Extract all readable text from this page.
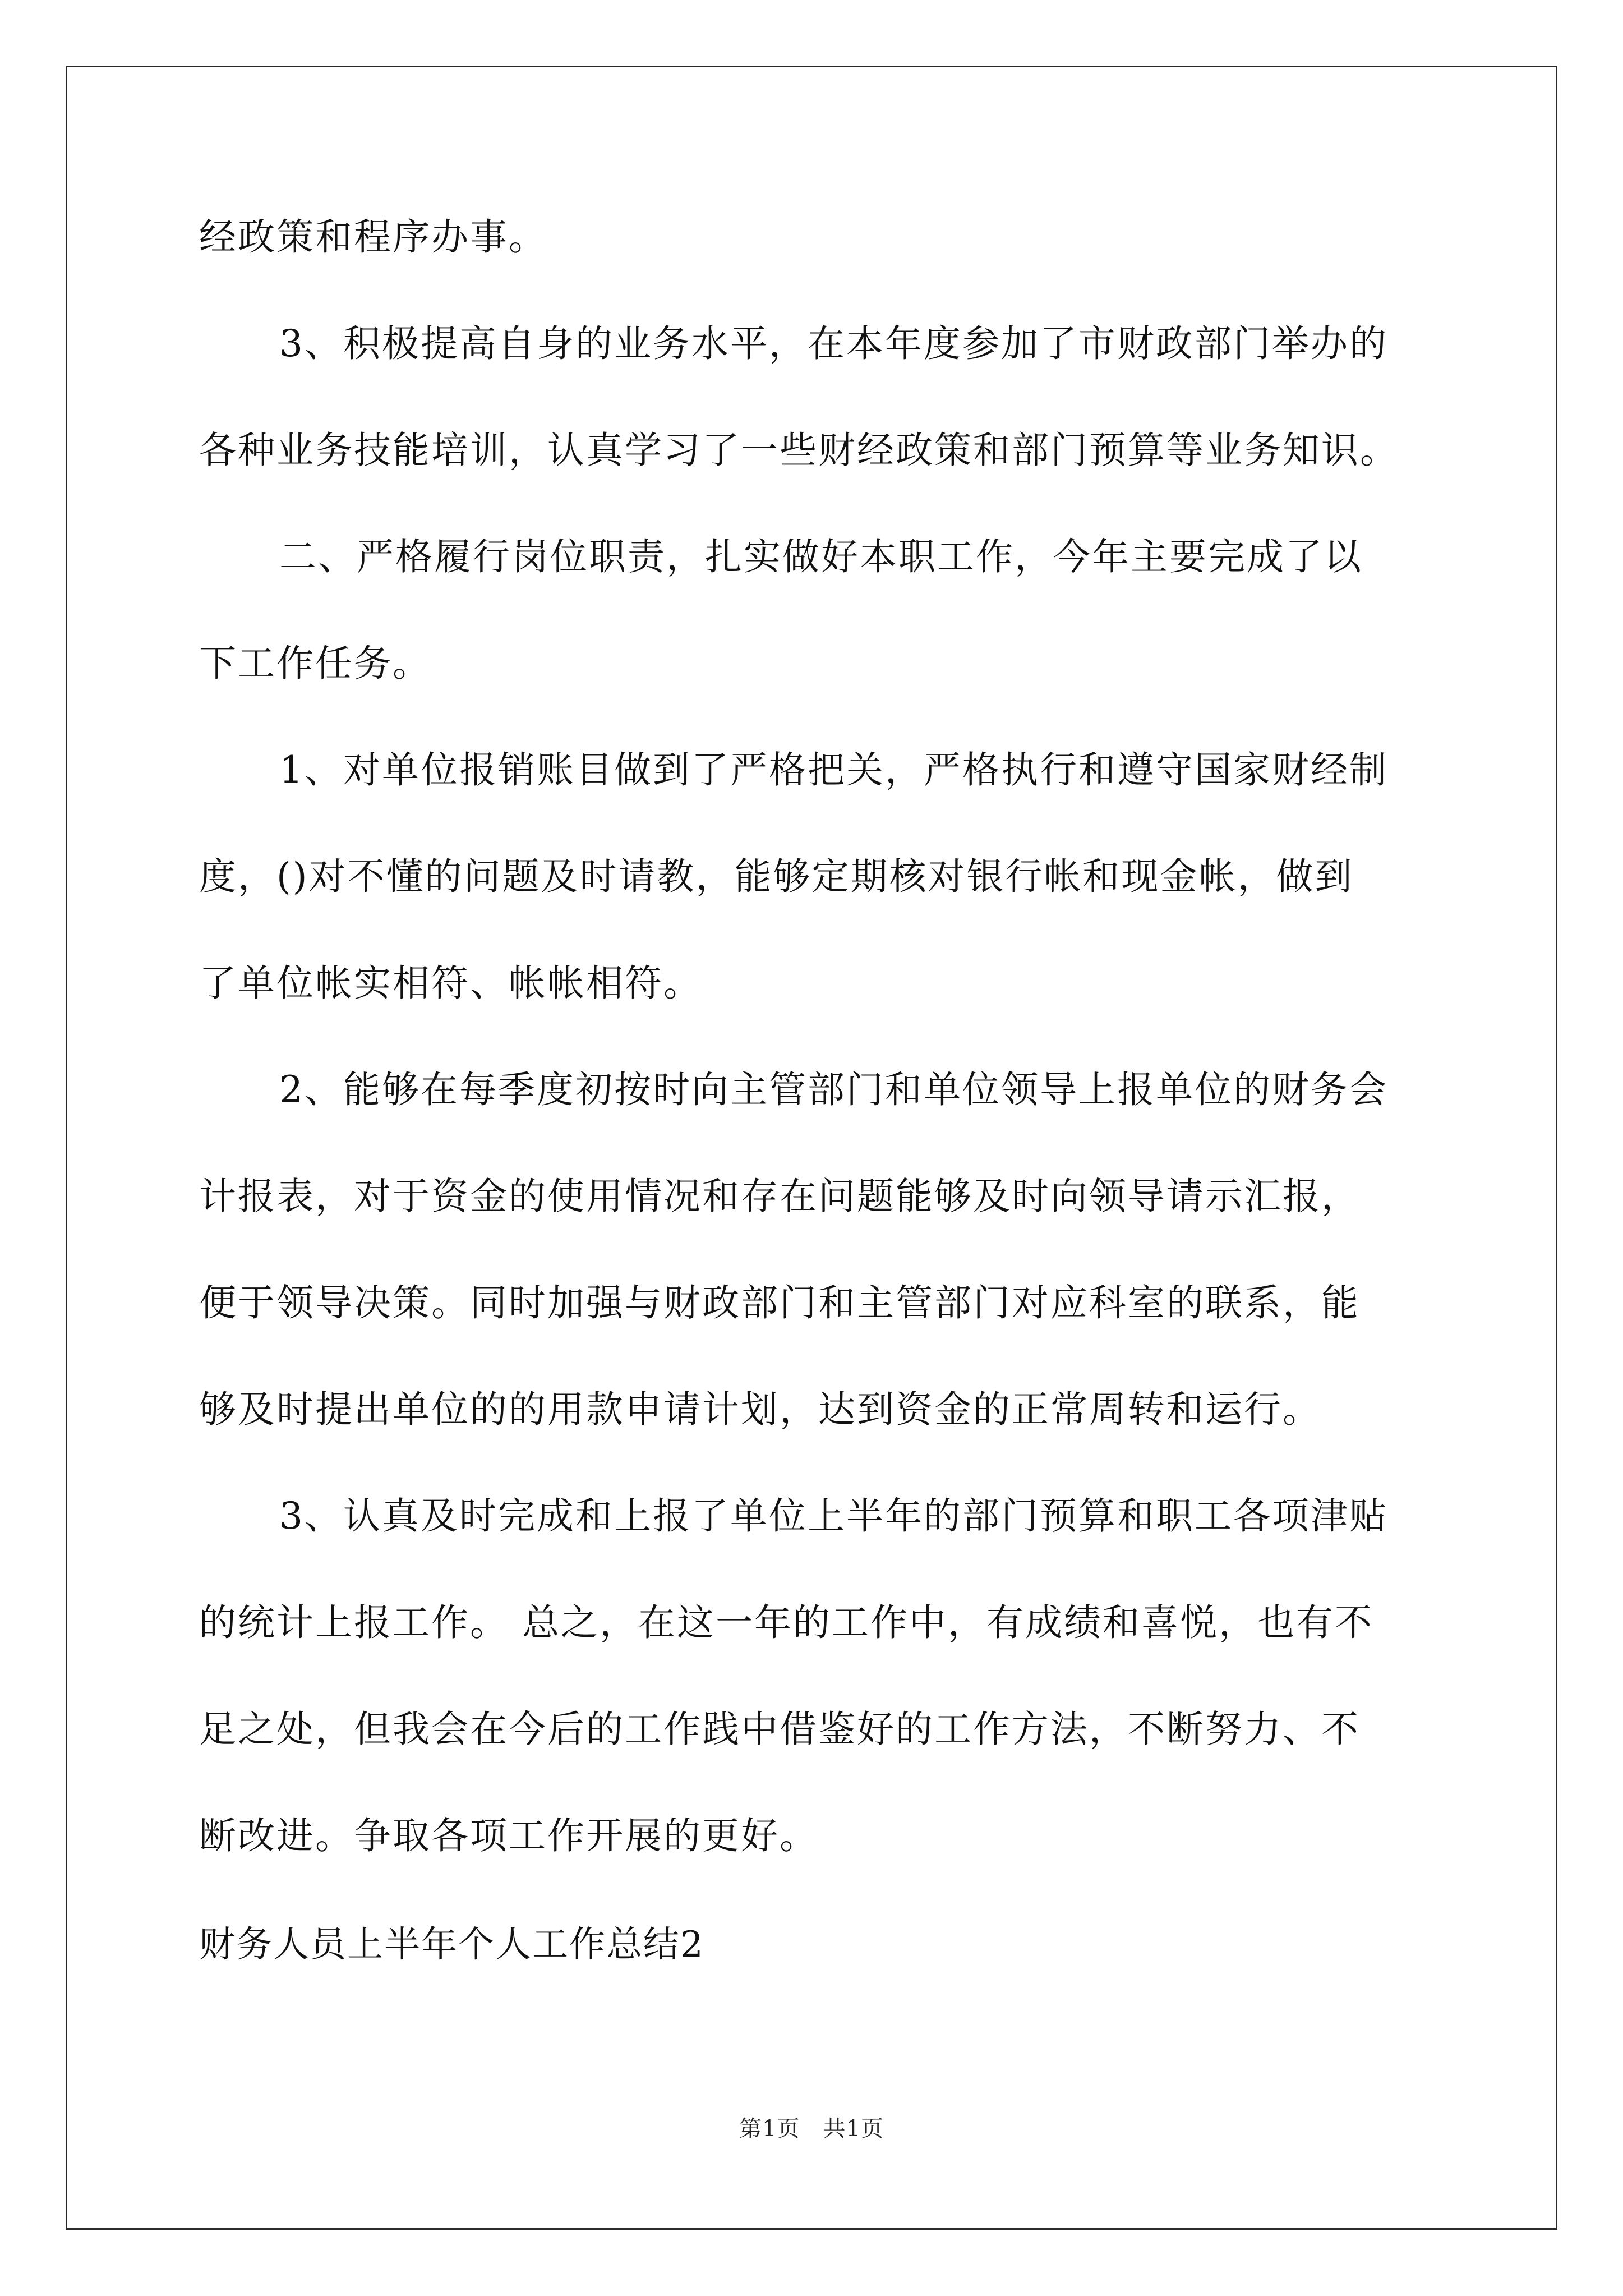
经政策和程序办事。
3、积极提高自身的业务水平，在本年度参加了市财政部门举办的
各种业务技能培训，认真学习了一些财经政策和部门预算等业务知识。
二、严格履行岗位职责，扎实做好本职工作，今年主要完成了以
下工作任务。
1、对单位报销账目做到了严格把关，严格执行和遵守国家财经制
度，()对不懂的问题及时请教，能够定期核对银行帐和现金帐，做到
了单位帐实相符、帐帐相符。
2、能够在每季度初按时向主管部门和单位领导上报单位的财务会
计报表，对于资金的使用情况和存在问题能够及时向领导请示汇报，
便于领导决策。同时加强与财政部门和主管部门对应科室的联系，能
够及时提出单位的的用款申请计划，达到资金的正常周转和运行。
3、认真及时完成和上报了单位上半年的部门预算和职工各项津贴
的统计上报工作。 总之，在这一年的工作中，有成绩和喜悦，也有不
足之处，但我会在今后的工作践中借鉴好的工作方法，不断努力、不
断改进。争取各项工作开展的更好。
财务人员上半年个人工作总结2
第1页　共1页
